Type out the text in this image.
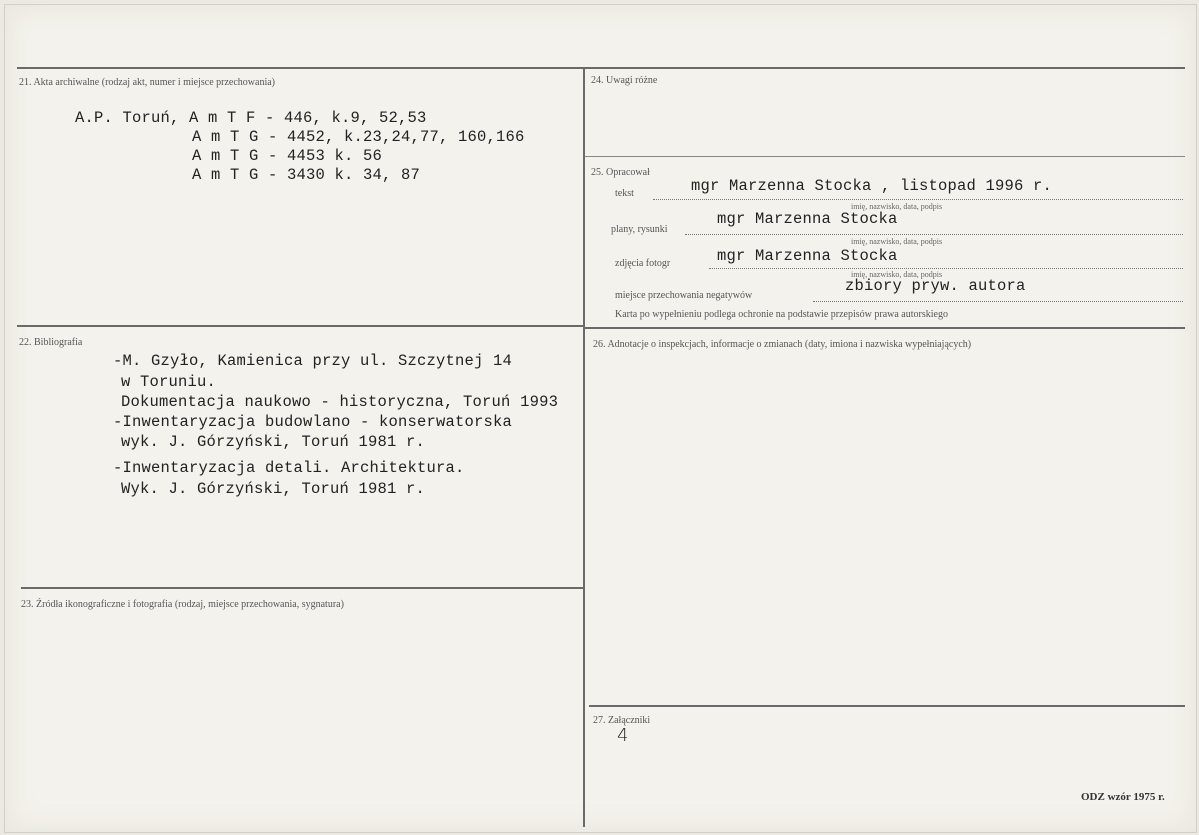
21. Akta archiwalne (rodzaj akt, numer i miejsce przechowania)
A.P. Toruń, A m T F - 446, k.9, 52,53
A m T G - 4452, k.23,24,77, 160,166
A m T G - 4453 k. 56
A m T G - 3430 k. 34, 87
22. Bibliografia
-M. Gzyło, Kamienica przy ul. Szczytnej 14
w Toruniu.
Dokumentacja naukowo - historyczna, Toruń 1993
-Inwentaryzacja budowlano - konserwatorska
wyk. J. Górzyński, Toruń 1981 r.
-Inwentaryzacja detali. Architektura.
Wyk. J. Górzyński, Toruń 1981 r.
23. Źródła ikonograficzne i fotografia (rodzaj, miejsce przechowania, sygnatura)
24. Uwagi różne
25. Opracował
tekst	mgr Marzenna Stocka , listopad 1996 r.
imię, nazwisko, data, podpis
plany, rysunki
mgr Marzenna Stocka
imię, nazwisko, data, podpis
zdjęcia fotogr	mgr Marzenna Stocka
imię, nazwisko, data, podpis
miejsce przechowania negatywów
zbiory pryw. autora
Karta po wypełnieniu podlega ochronie na podstawie przepisów prawa autorskiego
26. Adnotacje o inspekcjach, informacje o zmianach (daty, imiona i nazwiska wypełniających)
27. Załączniki
4
ODZ wzór 1975 r.
